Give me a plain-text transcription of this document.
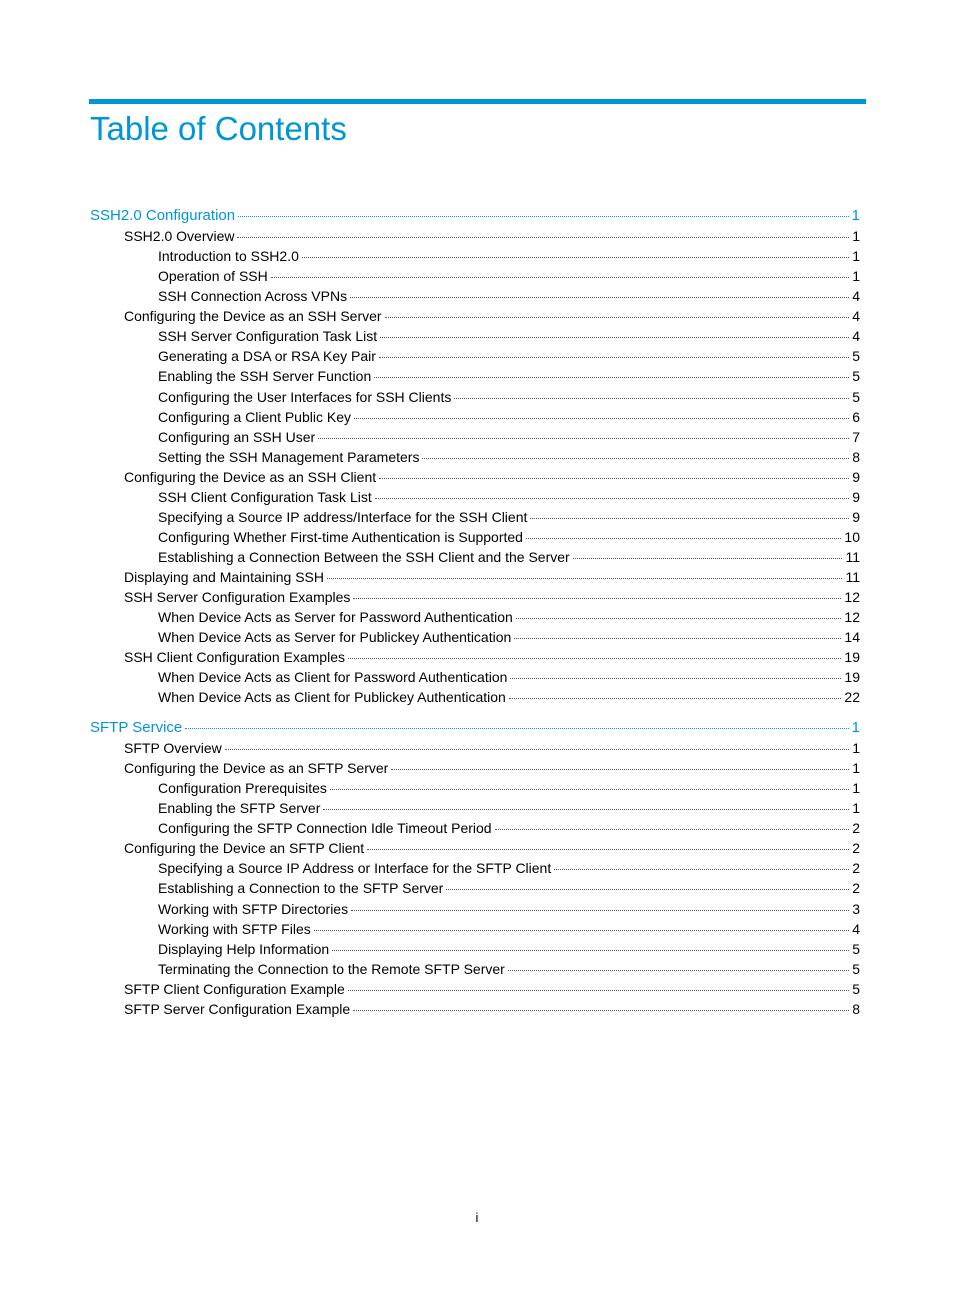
Table of Contents
SSH2.0 Configuration	1
SSH2.0 Overview	1
Introduction to SSH2.0	1
Operation of SSH	1
SSH Connection Across VPNs	4
Configuring the Device as an SSH Server	4
SSH Server Configuration Task List	4
Generating a DSA or RSA Key Pair	5
Enabling the SSH Server Function	5
Configuring the User Interfaces for SSH Clients	5
Configuring a Client Public Key	6
Configuring an SSH User	7
Setting the SSH Management Parameters	8
Configuring the Device as an SSH Client	9
SSH Client Configuration Task List	9
Specifying a Source IP address/Interface for the SSH Client	9
Configuring Whether First-time Authentication is Supported	10
Establishing a Connection Between the SSH Client and the Server	11
Displaying and Maintaining SSH	11
SSH Server Configuration Examples	12
When Device Acts as Server for Password Authentication	12
When Device Acts as Server for Publickey Authentication	14
SSH Client Configuration Examples	19
When Device Acts as Client for Password Authentication	19
When Device Acts as Client for Publickey Authentication	22
SFTP Service	1
SFTP Overview	1
Configuring the Device as an SFTP Server	1
Configuration Prerequisites	1
Enabling the SFTP Server	1
Configuring the SFTP Connection Idle Timeout Period	2
Configuring the Device an SFTP Client	2
Specifying a Source IP Address or Interface for the SFTP Client	2
Establishing a Connection to the SFTP Server	2
Working with SFTP Directories	3
Working with SFTP Files	4
Displaying Help Information	5
Terminating the Connection to the Remote SFTP Server	5
SFTP Client Configuration Example	5
SFTP Server Configuration Example	8
i
